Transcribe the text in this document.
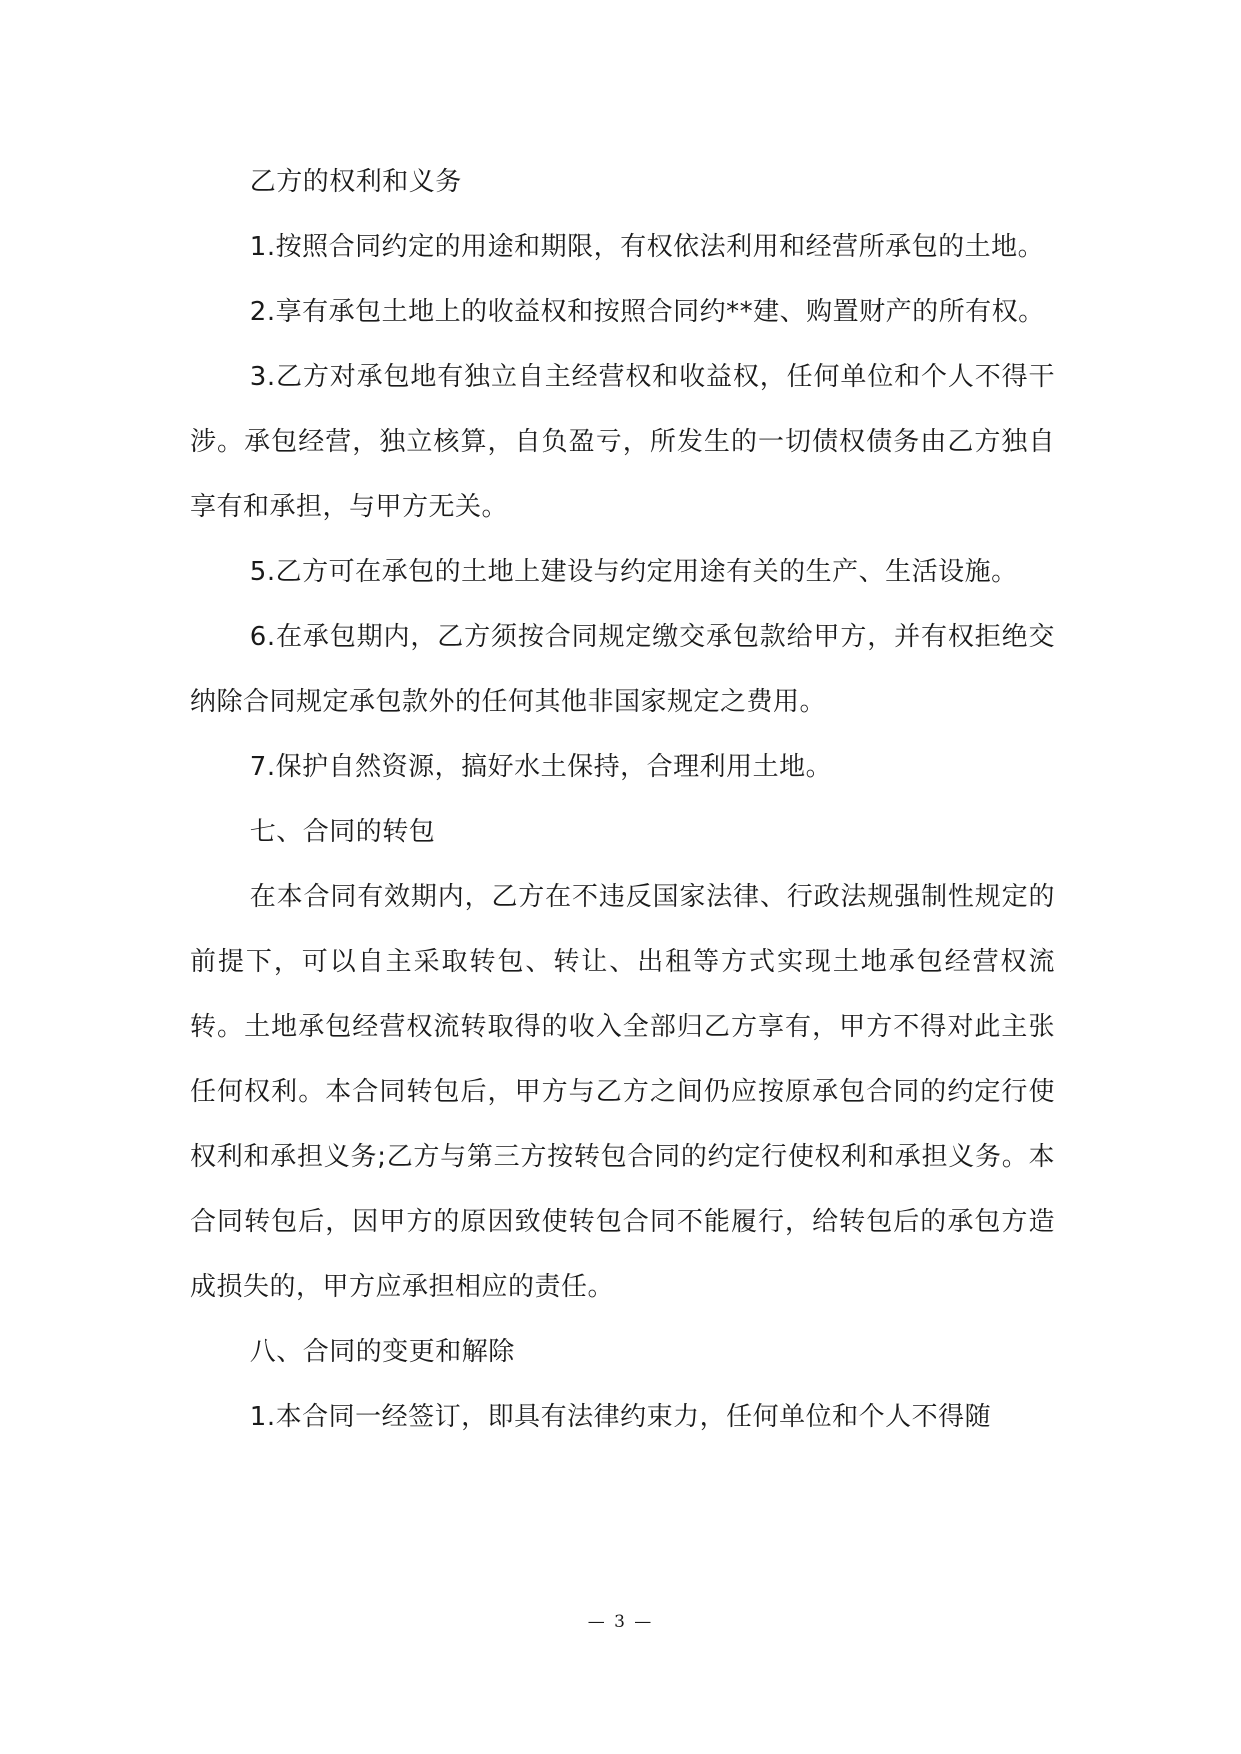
乙方的权利和义务

1.按照合同约定的用途和期限，有权依法利用和经营所承包的土地。

2.享有承包土地上的收益权和按照合同约**建、购置财产的所有权。

3.乙方对承包地有独立自主经营权和收益权，任何单位和个人不得干涉。承包经营，独立核算，自负盈亏，所发生的一切债权债务由乙方独自享有和承担，与甲方无关。

5.乙方可在承包的土地上建设与约定用途有关的生产、生活设施。

6.在承包期内，乙方须按合同规定缴交承包款给甲方，并有权拒绝交纳除合同规定承包款外的任何其他非国家规定之费用。

7.保护自然资源，搞好水土保持，合理利用土地。

七、合同的转包

在本合同有效期内，乙方在不违反国家法律、行政法规强制性规定的前提下，可以自主采取转包、转让、出租等方式实现土地承包经营权流转。土地承包经营权流转取得的收入全部归乙方享有，甲方不得对此主张任何权利。本合同转包后，甲方与乙方之间仍应按原承包合同的约定行使权利和承担义务;乙方与第三方按转包合同的约定行使权利和承担义务。本合同转包后，因甲方的原因致使转包合同不能履行，给转包后的承包方造成损失的，甲方应承担相应的责任。

八、合同的变更和解除

1.本合同一经签订，即具有法律约束力，任何单位和个人不得随

— 3 —
